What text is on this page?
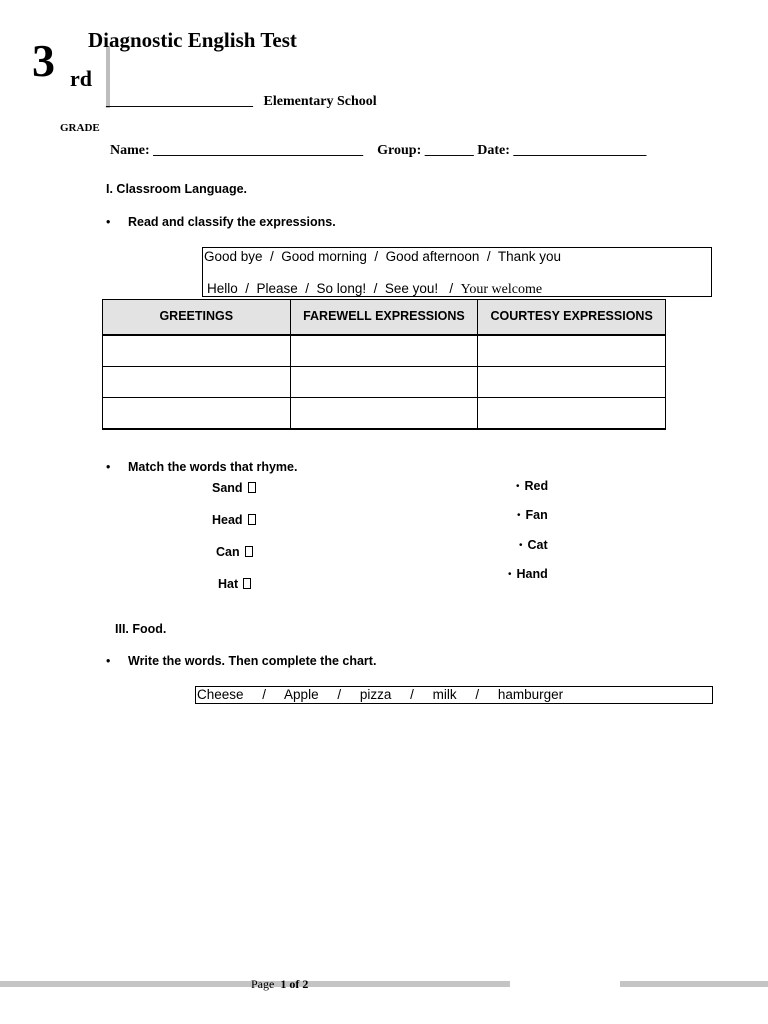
3 rd
Diagnostic English Test
_____________________ Elementary School
GRADE
Name: ______________________________    Group: _______ Date: ___________________
I. Classroom Language.
• Read and classify the expressions.
Good bye  /  Good morning  /  Good afternoon  /  Thank you
Hello  /  Please  /  So long!  /  See you!   /  Your welcome
GREETINGS	FAREWELL EXPRESSIONS	COURTESY EXPRESSIONS

• Match the words that rhyme.
Sand
Head
Can
Hat
• Red
• Fan
• Cat
• Hand
III. Food.
• Write the words. Then complete the chart.
Cheese     /     Apple     /     pizza     /     milk     /     hamburger
Page 1 of 2
